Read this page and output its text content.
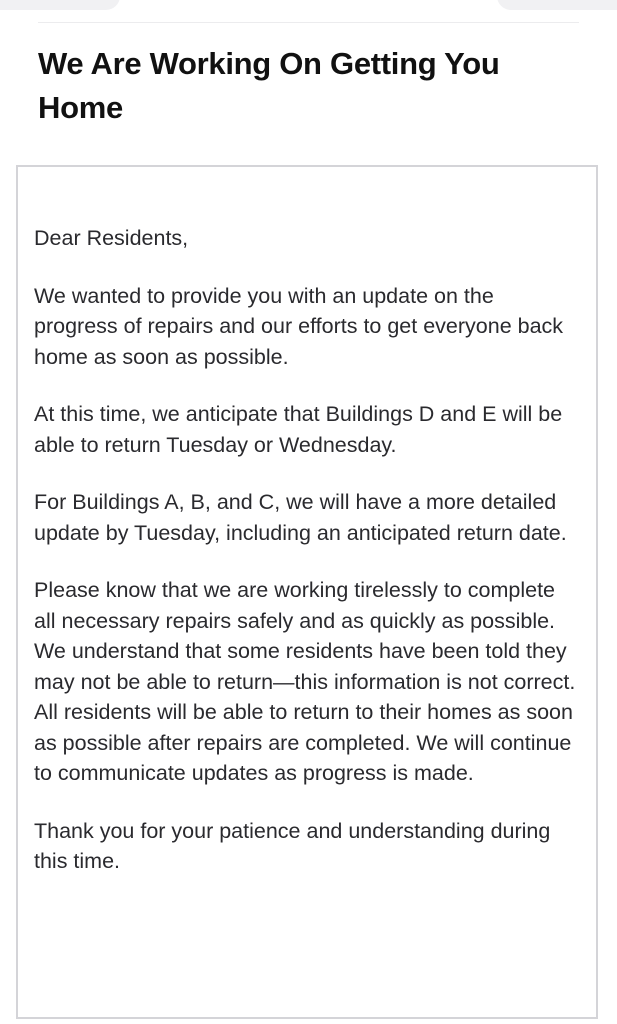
We Are Working On Getting You Home

Dear Residents,

We wanted to provide you with an update on the progress of repairs and our efforts to get everyone back home as soon as possible.

At this time, we anticipate that Buildings D and E will be able to return Tuesday or Wednesday.

For Buildings A, B, and C, we will have a more detailed update by Tuesday, including an anticipated return date.

Please know that we are working tirelessly to complete all necessary repairs safely and as quickly as possible. We understand that some residents have been told they may not be able to return—this information is not correct. All residents will be able to return to their homes as soon as possible after repairs are completed. We will continue to communicate updates as progress is made.

Thank you for your patience and understanding during this time.
